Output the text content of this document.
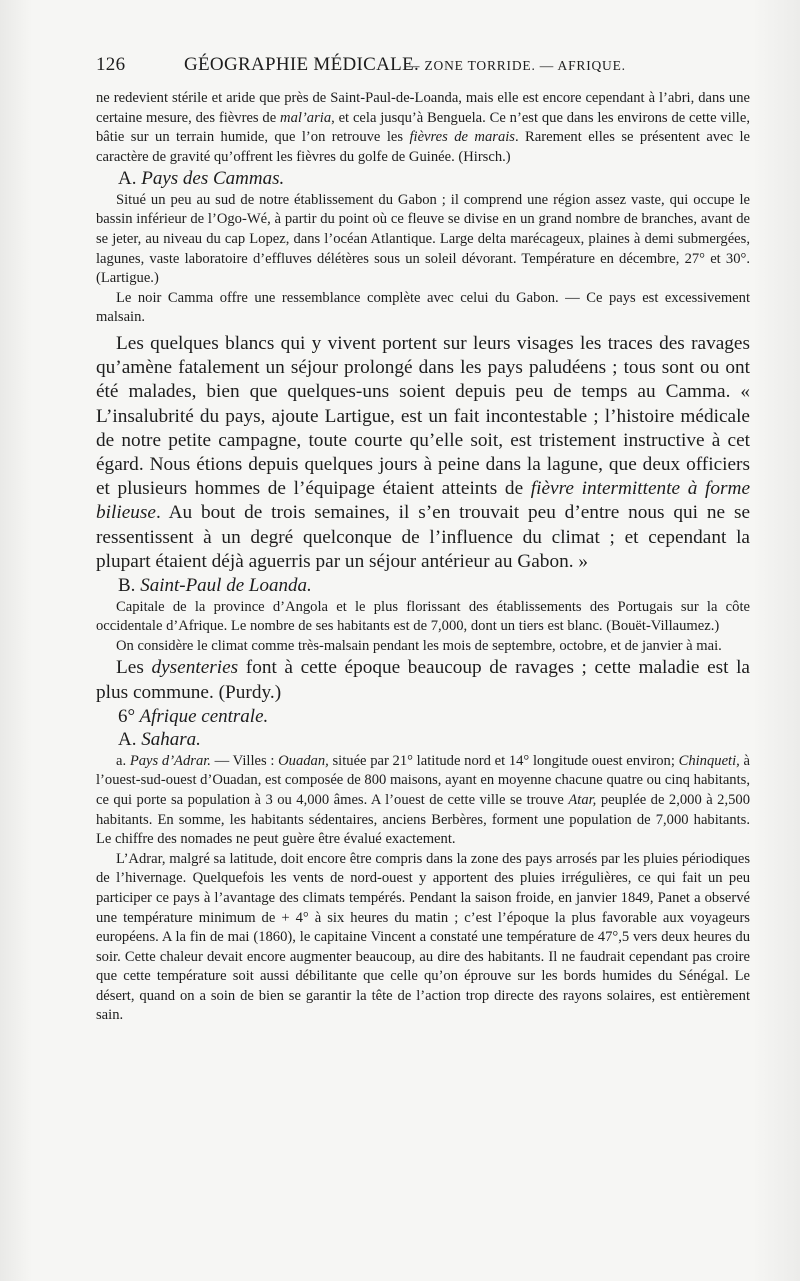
126	GÉOGRAPHIE MÉDICALE.
— ZONE TORRIDE. — AFRIQUE.

ne redevient stérile et aride que près de Saint-Paul-de-Loanda, mais elle est encore cependant à l’abri, dans une certaine mesure, des fièvres de mal’aria, et cela jusqu’à Benguela. Ce n’est que dans les environs de cette ville, bâtie sur un terrain humide, que l’on retrouve les fièvres de marais. Rarement elles se présentent avec le caractère de gravité qu’offrent les fièvres du golfe de Guinée. (Hirsch.)

A. Pays des Cammas.

Situé un peu au sud de notre établissement du Gabon ; il comprend une région assez vaste, qui occupe le bassin inférieur de l’Ogo-Wé, à partir du point où ce fleuve se divise en un grand nombre de branches, avant de se jeter, au niveau du cap Lopez, dans l’océan Atlantique. Large delta marécageux, plaines à demi submergées, lagunes, vaste laboratoire d’effluves délétères sous un soleil dévorant. Température en décembre, 27° et 30°. (Lartigue.)

Le noir Camma offre une ressemblance complète avec celui du Gabon. — Ce pays est excessivement malsain.

Les quelques blancs qui y vivent portent sur leurs visages les traces des ravages qu’amène fatalement un séjour prolongé dans les pays paludéens ; tous sont ou ont été malades, bien que quelques-uns soient depuis peu de temps au Camma. « L’insalubrité du pays, ajoute Lartigue, est un fait incontestable ; l’histoire médicale de notre petite campagne, toute courte qu’elle soit, est tristement instructive à cet égard. Nous étions depuis quelques jours à peine dans la lagune, que deux officiers et plusieurs hommes de l’équipage étaient atteints de fièvre intermittente à forme bilieuse. Au bout de trois semaines, il s’en trouvait peu d’entre nous qui ne se ressentissent à un degré quelconque de l’influence du climat ; et cependant la plupart étaient déjà aguerris par un séjour antérieur au Gabon. »

B. Saint-Paul de Loanda.

Capitale de la province d’Angola et le plus florissant des établissements des Portugais sur la côte occidentale d’Afrique. Le nombre de ses habitants est de 7,000, dont un tiers est blanc. (Bouët-Villaumez.)

On considère le climat comme très-malsain pendant les mois de septembre, octobre, et de janvier à mai.

Les dysenteries font à cette époque beaucoup de ravages ; cette maladie est la plus commune. (Purdy.)

6° Afrique centrale.
A. Sahara.

a. Pays d’Adrar. — Villes : Ouadan, située par 21° latitude nord et 14° longitude ouest environ; Chinqueti, à l’ouest-sud-ouest d’Ouadan, est composée de 800 maisons, ayant en moyenne chacune quatre ou cinq habitants, ce qui porte sa population à 3 ou 4,000 âmes. A l’ouest de cette ville se trouve Atar, peuplée de 2,000 à 2,500 habitants. En somme, les habitants sédentaires, anciens Berbères, forment une population de 7,000 habitants. Le chiffre des nomades ne peut guère être évalué exactement.

L’Adrar, malgré sa latitude, doit encore être compris dans la zone des pays arrosés par les pluies périodiques de l’hivernage. Quelquefois les vents de nord-ouest y apportent des pluies irrégulières, ce qui fait un peu participer ce pays à l’avantage des climats tempérés. Pendant la saison froide, en janvier 1849, Panet a observé une température minimum de + 4° à six heures du matin ; c’est l’époque la plus favorable aux voyageurs européens. A la fin de mai (1860), le capitaine Vincent a constaté une température de 47°,5 vers deux heures du soir. Cette chaleur devait encore augmenter beaucoup, au dire des habitants. Il ne faudrait cependant pas croire que cette température soit aussi débilitante que celle qu’on éprouve sur les bords humides du Sénégal. Le désert, quand on a soin de bien se garantir la tête de l’action trop directe des rayons solaires, est entièrement sain.
